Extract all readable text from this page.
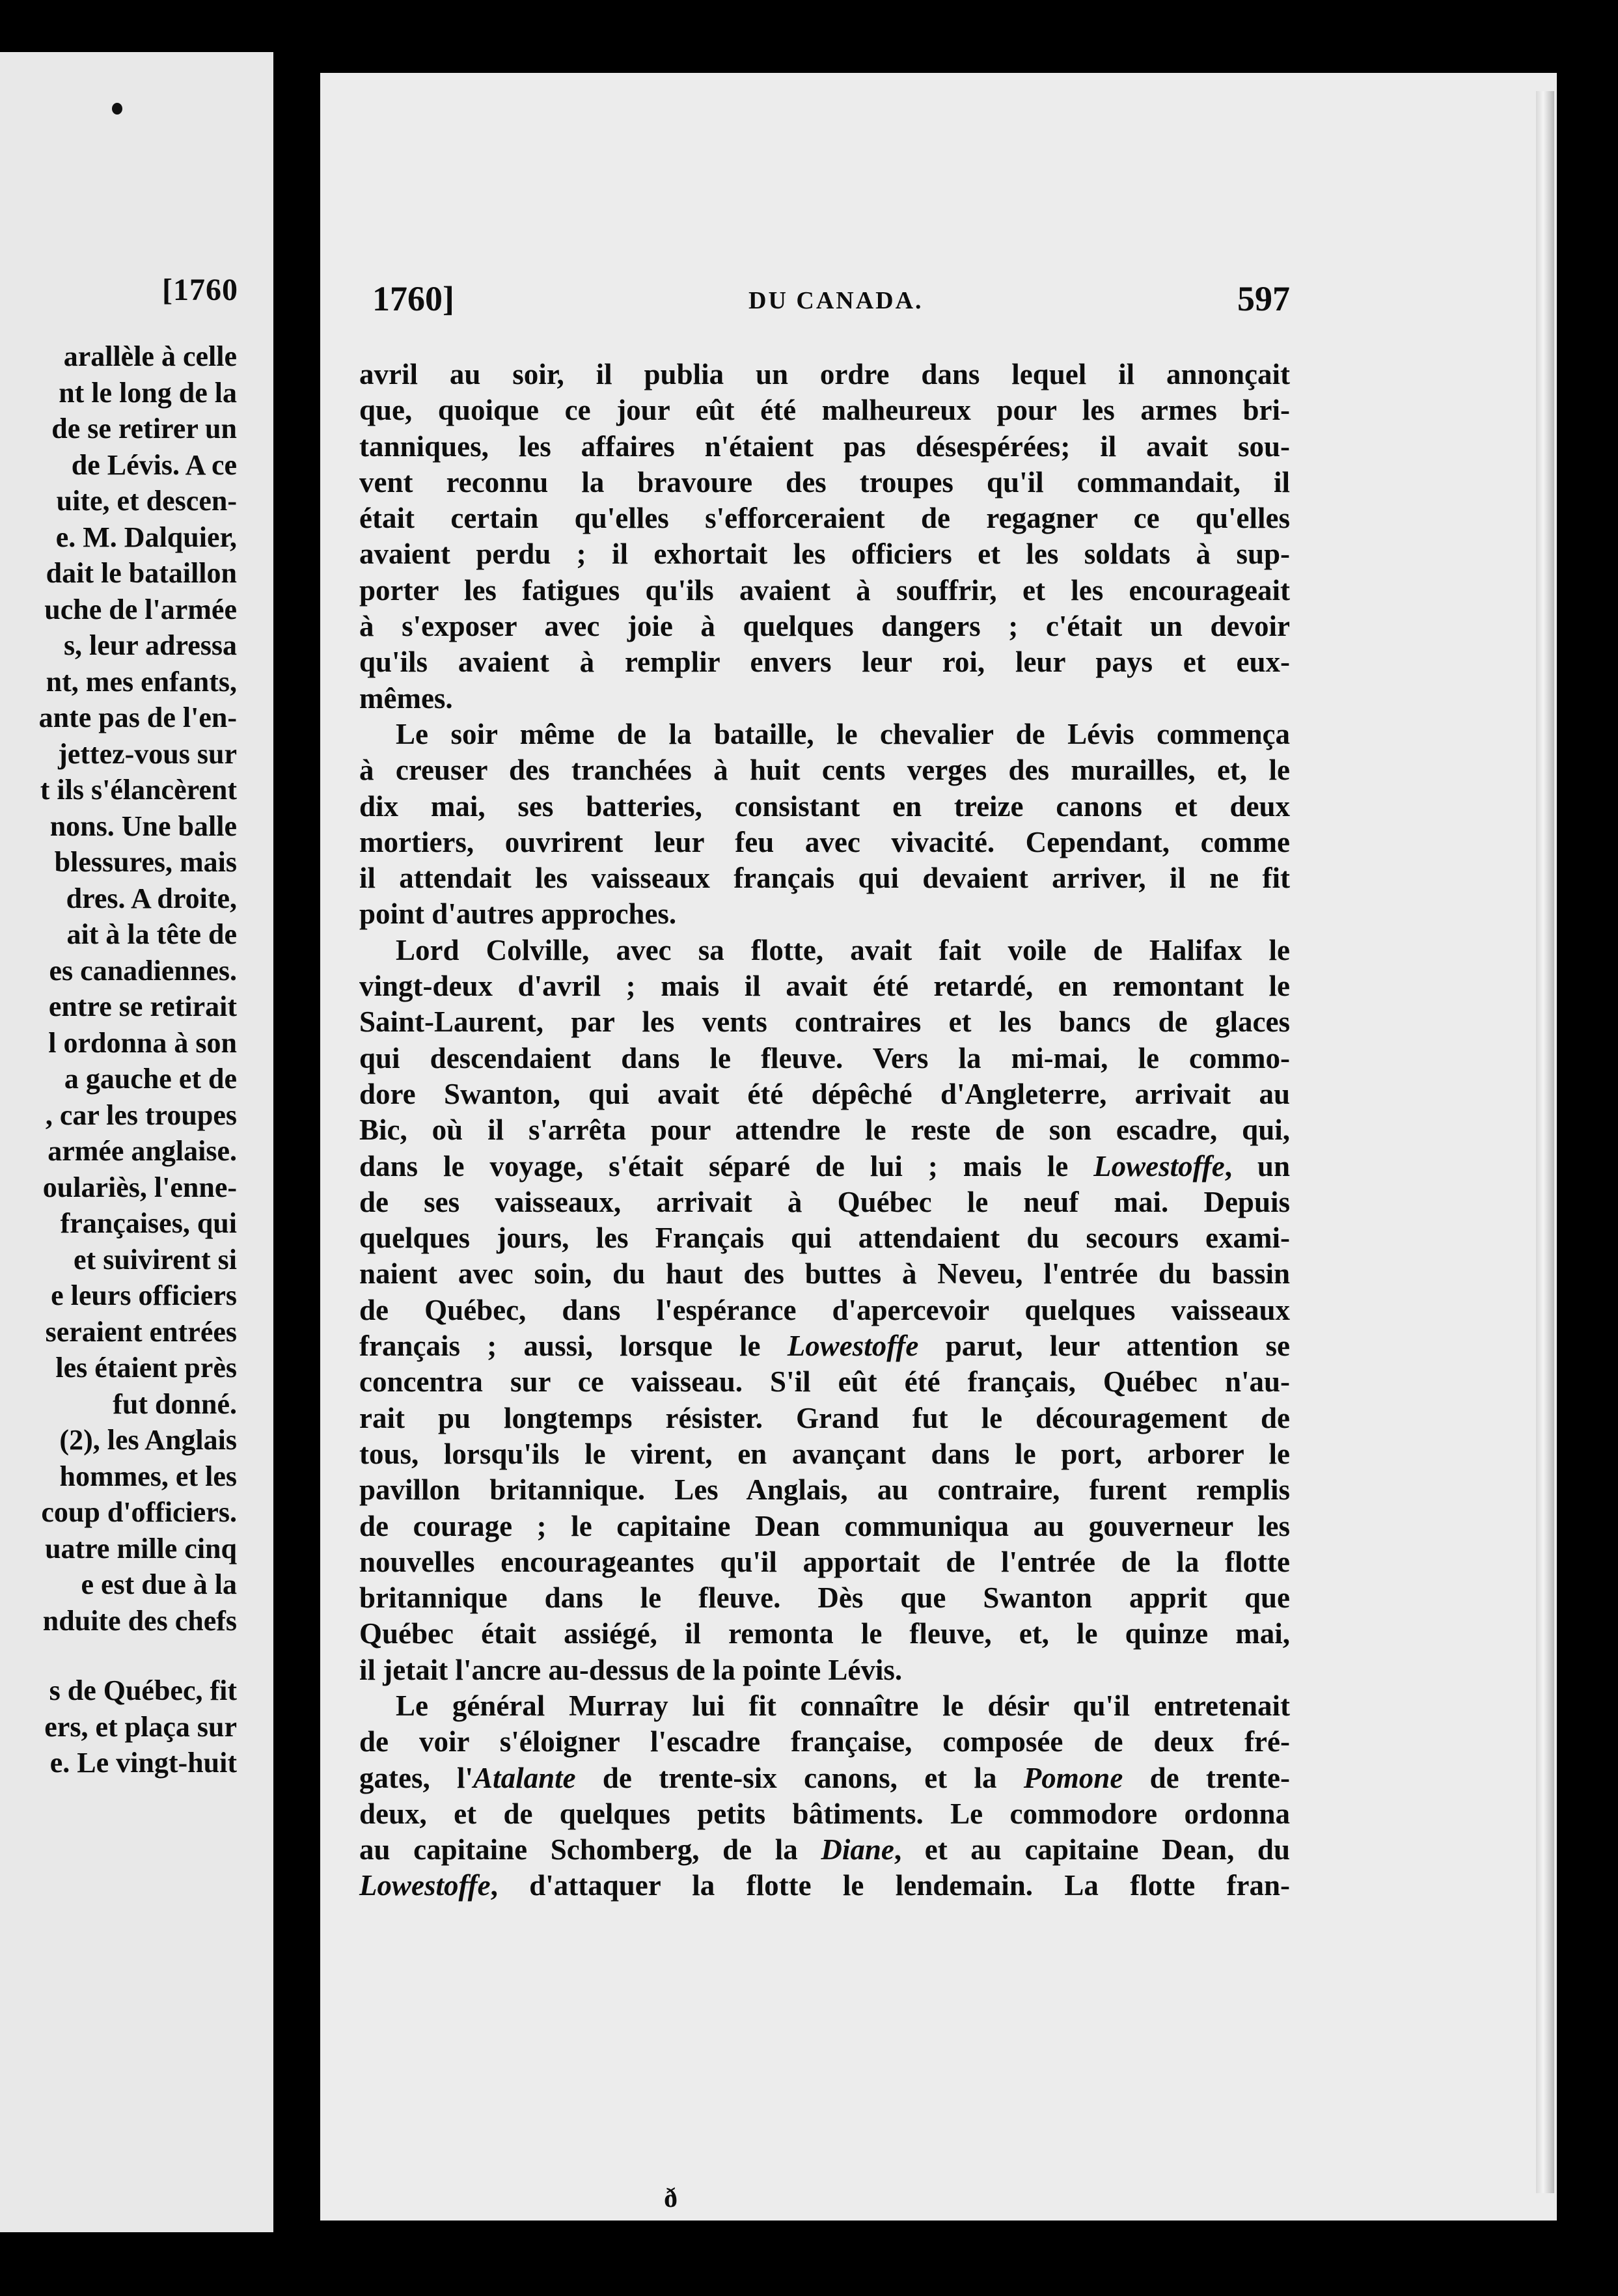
[1760
arallèle à celle
nt le long de la
de se retirer un
de Lévis. A ce
uite, et descen-
e. M. Dalquier,
dait le bataillon
uche de l'armée
s, leur adressa
nt, mes enfants,
ante pas de l'en-
jettez-vous sur
t ils s'élancèrent
nons. Une balle
blessures, mais
dres. A droite,
ait à la tête de
es canadiennes.
entre se retirait
l ordonna à son
a gauche et de
, car les troupes
armée anglaise.
oulariès, l'enne-
françaises, qui
et suivirent si
e leurs officiers
seraient entrées
les étaient près
fut donné.
(2), les Anglais
hommes, et les
coup d'officiers.
uatre mille cinq
e est due à la
nduite des chefs
s de Québec, fit
ers, et plaça sur
e. Le vingt-huit
1760]	DU CANADA.	597
avril au soir, il publia un ordre dans lequel il annonçait
que, quoique ce jour eût été malheureux pour les armes bri-
tanniques, les affaires n'étaient pas désespérées; il avait sou-
vent reconnu la bravoure des troupes qu'il commandait, il
était certain qu'elles s'efforceraient de regagner ce qu'elles
avaient perdu ; il exhortait les officiers et les soldats à sup-
porter les fatigues qu'ils avaient à souffrir, et les encourageait
à s'exposer avec joie à quelques dangers ; c'était un devoir
qu'ils avaient à remplir envers leur roi, leur pays et eux-
mêmes.
Le soir même de la bataille, le chevalier de Lévis commença
à creuser des tranchées à huit cents verges des murailles, et, le
dix mai, ses batteries, consistant en treize canons et deux
mortiers, ouvrirent leur feu avec vivacité. Cependant, comme
il attendait les vaisseaux français qui devaient arriver, il ne fit
point d'autres approches.
Lord Colville, avec sa flotte, avait fait voile de Halifax le
vingt-deux d'avril ; mais il avait été retardé, en remontant le
Saint-Laurent, par les vents contraires et les bancs de glaces
qui descendaient dans le fleuve. Vers la mi-mai, le commo-
dore Swanton, qui avait été dépêché d'Angleterre, arrivait au
Bic, où il s'arrêta pour attendre le reste de son escadre, qui,
dans le voyage, s'était séparé de lui ; mais le Lowestoffe, un
de ses vaisseaux, arrivait à Québec le neuf mai. Depuis
quelques jours, les Français qui attendaient du secours exami-
naient avec soin, du haut des buttes à Neveu, l'entrée du bassin
de Québec, dans l'espérance d'apercevoir quelques vaisseaux
français ; aussi, lorsque le Lowestoffe parut, leur attention se
concentra sur ce vaisseau. S'il eût été français, Québec n'au-
rait pu longtemps résister. Grand fut le découragement de
tous, lorsqu'ils le virent, en avançant dans le port, arborer le
pavillon britannique. Les Anglais, au contraire, furent remplis
de courage ; le capitaine Dean communiqua au gouverneur les
nouvelles encourageantes qu'il apportait de l'entrée de la flotte
britannique dans le fleuve. Dès que Swanton apprit que
Québec était assiégé, il remonta le fleuve, et, le quinze mai,
il jetait l'ancre au-dessus de la pointe Lévis.
Le général Murray lui fit connaître le désir qu'il entretenait
de voir s'éloigner l'escadre française, composée de deux fré-
gates, l'Atalante de trente-six canons, et la Pomone de trente-
deux, et de quelques petits bâtiments. Le commodore ordonna
au capitaine Schomberg, de la Diane, et au capitaine Dean, du
Lowestoffe, d'attaquer la flotte le lendemain. La flotte fran-
ð
